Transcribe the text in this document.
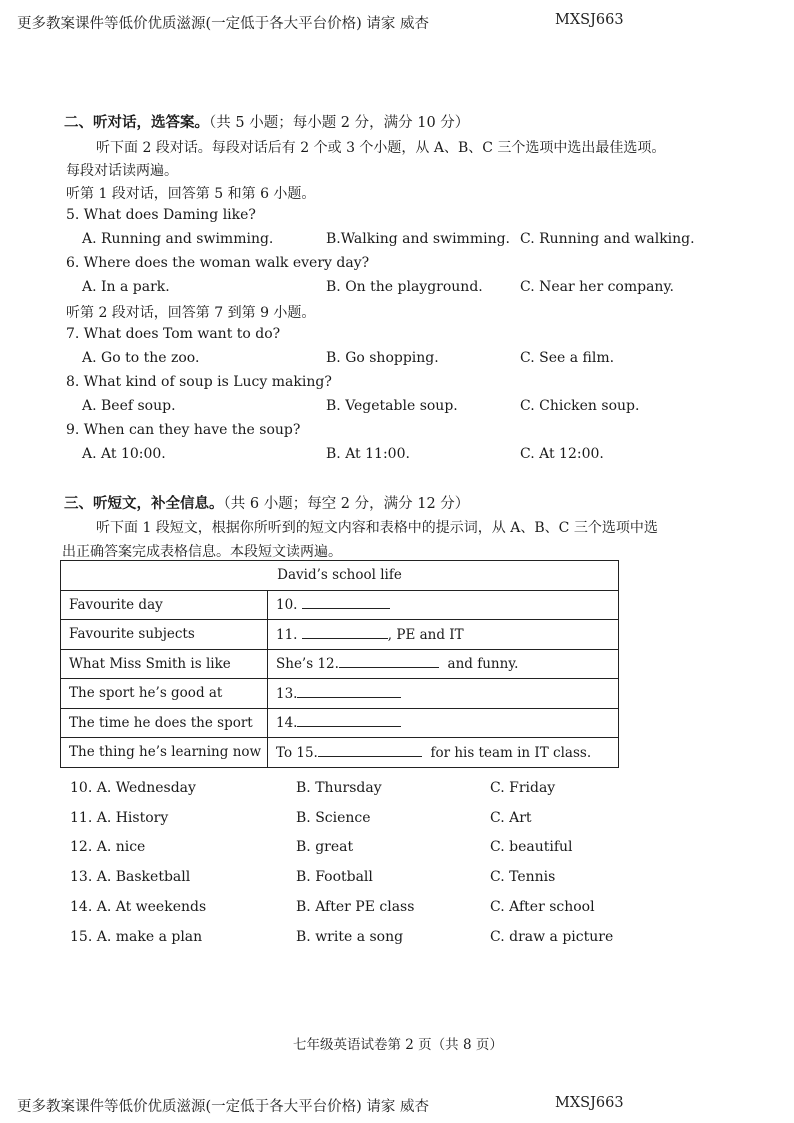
更多教案课件等低价优质滋源(一定低于各大平台价格) 请家 威杏	MXSJ663
二、听对话，选答案。（共 5 小题；每小题 2 分，满分 10 分）
听下面 2 段对话。每段对话后有 2 个或 3 个小题，从 A、B、C 三个选项中选出最佳选项。
每段对话读两遍。
听第 1 段对话，回答第 5 和第 6 小题。
5. What does Daming like?
A. Running and swimming.	B.Walking and swimming. C. Running and walking.
6. Where does the woman walk every day?
A. In a park.	B. On the playground.	C. Near her company.
听第 2 段对话，回答第 7 到第 9 小题。
7. What does Tom want to do?
A. Go to the zoo.	B. Go shopping.	C. See a film.
8. What kind of soup is Lucy making?
A. Beef soup.	B. Vegetable soup.	C. Chicken soup.
9. When can they have the soup?
A. At 10:00.	B. At 11:00.	C. At 12:00.
三、听短文，补全信息。（共 6 小题；每空 2 分，满分 12 分）
听下面 1 段短文，根据你所听到的短文内容和表格中的提示词，从 A、B、C 三个选项中选
出正确答案完成表格信息。本段短文读两遍。
David’s school life	
Favourite day	10.
Favourite subjects	11. , PE and IT
What Miss Smith is like	She’s 12. and funny.
The sport he’s good at	13.
The time he does the sport	14.
The thing he’s learning now	To 15. for his team in IT class.
10. A. Wednesday	B. Thursday	C. Friday
11. A. History	B. Science	C. Art
12. A. nice	B. great	C. beautiful
13. A. Basketball	B. Football	C. Tennis
14. A. At weekends	B. After PE class	C. After school
15. A. make a plan	B. write a song	C. draw a picture
七年级英语试卷第 2 页（共 8 页）
更多教案课件等低价优质滋源(一定低于各大平台价格) 请家 威杏	MXSJ663
